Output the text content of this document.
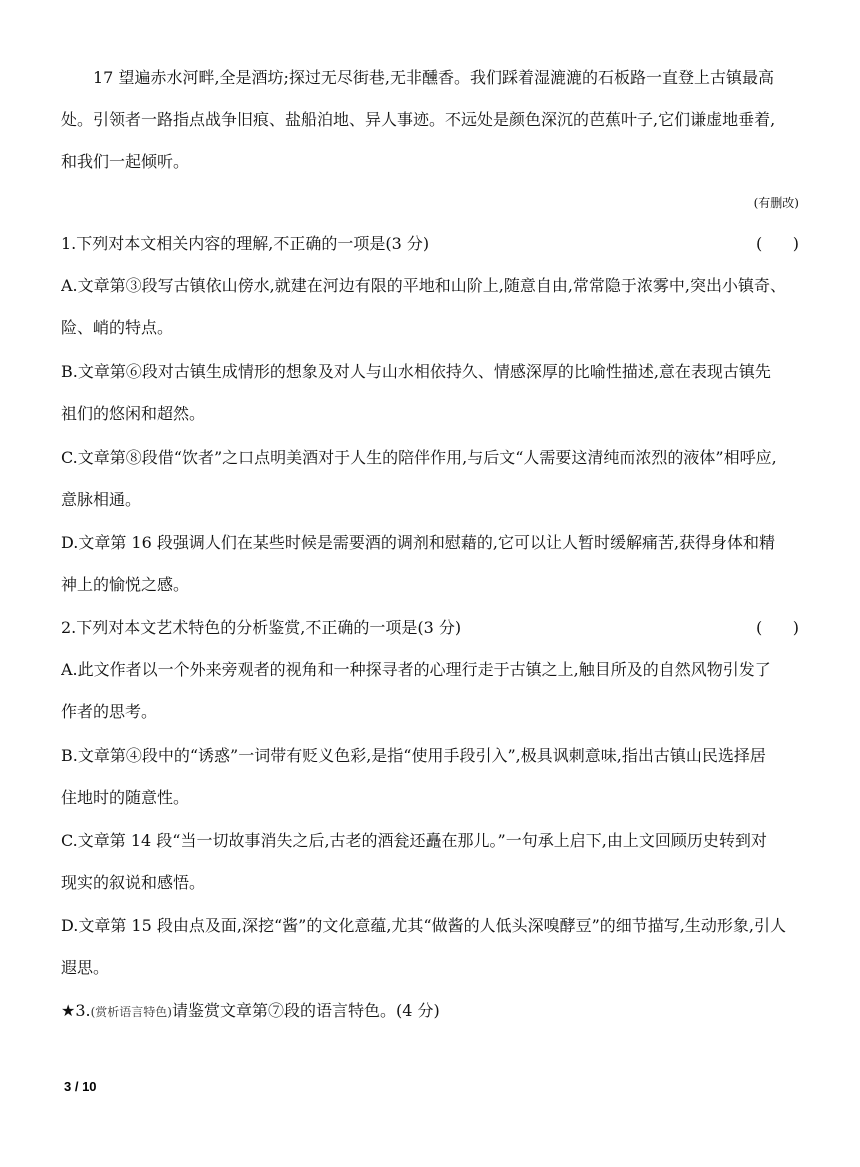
17 望遍赤水河畔,全是酒坊;探过无尽街巷,无非醺香。我们踩着湿漉漉的石板路一直登上古镇最高
处。引领者一路指点战争旧痕、盐船泊地、异人事迹。不远处是颜色深沉的芭蕉叶子,它们谦虚地垂着,
和我们一起倾听。
(有删改)
1.下列对本文相关内容的理解,不正确的一项是(3 分)	(      )
A.文章第③段写古镇依山傍水,就建在河边有限的平地和山阶上,随意自由,常常隐于浓雾中,突出小镇奇、
险、峭的特点。
B.文章第⑥段对古镇生成情形的想象及对人与山水相依持久、情感深厚的比喻性描述,意在表现古镇先
祖们的悠闲和超然。
C.文章第⑧段借“饮者”之口点明美酒对于人生的陪伴作用,与后文“人需要这清纯而浓烈的液体”相呼应,
意脉相通。
D.文章第 16 段强调人们在某些时候是需要酒的调剂和慰藉的,它可以让人暂时缓解痛苦,获得身体和精
神上的愉悦之感。
2.下列对本文艺术特色的分析鉴赏,不正确的一项是(3 分)	(      )
A.此文作者以一个外来旁观者的视角和一种探寻者的心理行走于古镇之上,触目所及的自然风物引发了
作者的思考。
B.文章第④段中的“诱惑”一词带有贬义色彩,是指“使用手段引入”,极具讽刺意味,指出古镇山民选择居
住地时的随意性。
C.文章第 14 段“当一切故事消失之后,古老的酒瓮还矗在那儿。”一句承上启下,由上文回顾历史转到对
现实的叙说和感悟。
D.文章第 15 段由点及面,深挖“酱”的文化意蕴,尤其“做酱的人低头深嗅酵豆”的细节描写,生动形象,引人
遐思。
★3.(赏析语言特色)请鉴赏文章第⑦段的语言特色。(4 分)
3 / 10
